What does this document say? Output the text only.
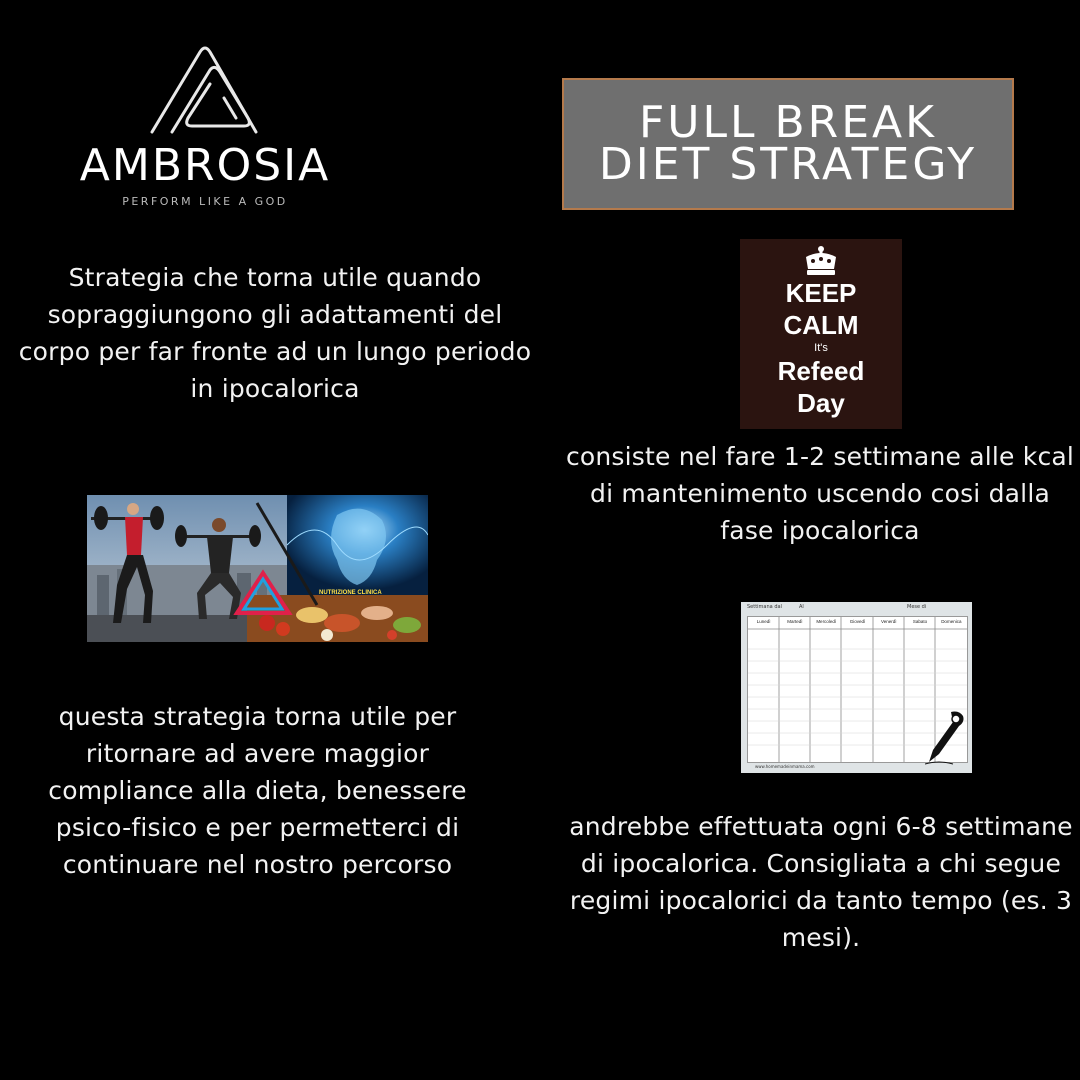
AMBROSIA
PERFORM LIKE A GOD
FULL BREAK
DIET STRATEGY
Strategia che torna utile quando sopraggiungono gli adattamenti del corpo per far fronte ad un lungo periodo in ipocalorica
KEEP
CALM
It's
Refeed
Day
consiste nel fare 1-2 settimane alle kcal di mantenimento uscendo cosi dalla fase ipocalorica
NUTRIZIONE CLINICA
Settimana dal	Al	Mese di
Lunedì	Martedì	Mercoledì	Giovedì	Venerdì	Sabato	Domenica
www.homemadeinmama.com
questa strategia torna utile per ritornare ad avere maggior compliance alla dieta, benessere psico-fisico e per permetterci di continuare nel nostro percorso
andrebbe effettuata ogni 6-8 settimane di ipocalorica. Consigliata a chi segue regimi ipocalorici da tanto tempo (es. 3 mesi).
